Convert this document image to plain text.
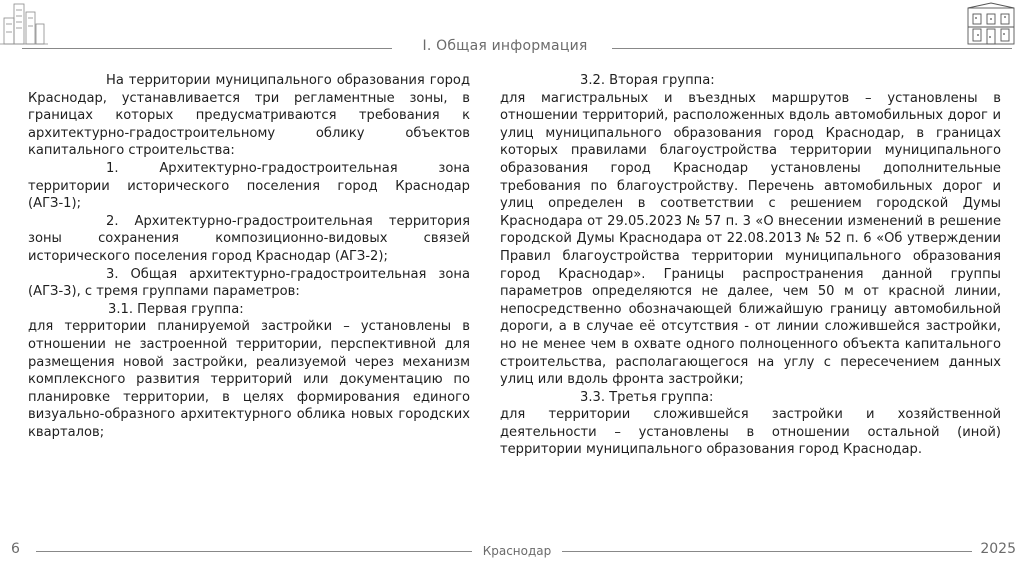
I. Общая информация

На территории муниципального образования город Краснодар, устанавливается три регламентные зоны, в границах которых предусматриваются требования к архитектурно-градостроительному облику объектов капитального строительства:

1. Архитектурно-градостроительная зона территории исторического поселения город Краснодар (АГЗ-1);

2. Архитектурно-градостроительная территория зоны сохранения композиционно-видовых связей исторического поселения город Краснодар (АГЗ-2);

3. Общая архитектурно-градостроительная зона (АГЗ-3), с тремя группами параметров:

3.1. Первая группа:

для территории планируемой застройки – установлены в отношении не застроенной территории, перспективной для размещения новой застройки, реализуемой через механизм комплексного развития территорий или документацию по планировке территории, в целях формирования единого визуально-образного архитектурного облика новых городских кварталов;

3.2. Вторая группа:

для магистральных и въездных маршрутов – установлены в отношении территорий, расположенных вдоль автомобильных дорог и улиц муниципального образования город Краснодар, в границах которых правилами благоустройства территории муниципального образования город Краснодар установлены дополнительные требования по благоустройству. Перечень автомобильных дорог и улиц определен в соответствии с решением городской Думы Краснодара от 29.05.2023 № 57 п. 3 «О внесении изменений в решение городской Думы Краснодара от 22.08.2013 № 52 п. 6 «Об утверждении Правил благоустройства территории муниципального образования город Краснодар». Границы распространения данной группы параметров определяются не далее, чем 50 м от красной линии, непосредственно обозначающей ближайшую границу автомобильной дороги, а в случае её отсутствия - от линии сложившейся застройки, но не менее чем в охвате одного полноценного объекта капитального строительства, располагающегося на углу с пересечением данных улиц или вдоль фронта застройки;

3.3. Третья группа:

для территории сложившейся застройки и хозяйственной деятельности – установлены в отношении остальной (иной) территории муниципального образования город Краснодар.

6	Краснодар	2025
